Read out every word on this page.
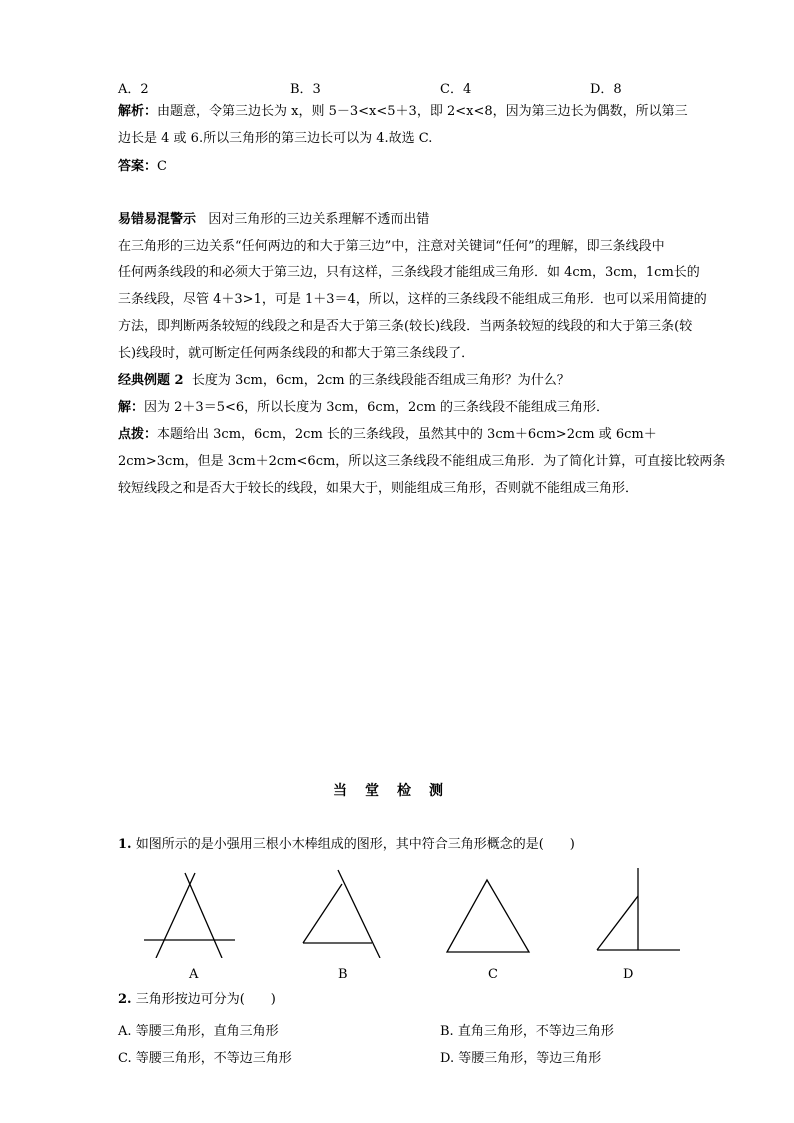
A．2	B．3	C．4	D．8
解析：由题意，令第三边长为 x，则 5－3<x<5＋3，即 2<x<8，因为第三边长为偶数，所以第三
边长是 4 或 6.所以三角形的第三边长可以为 4.故选 C.
答案：C
易错易混警示 因对三角形的三边关系理解不透而出错
在三角形的三边关系“任何两边的和大于第三边”中，注意对关键词“任何”的理解，即三条线段中
任何两条线段的和必须大于第三边，只有这样，三条线段才能组成三角形．如 4cm，3cm，1cm长的
三条线段，尽管 4＋3>1，可是 1＋3＝4，所以，这样的三条线段不能组成三角形．也可以采用简捷的
方法，即判断两条较短的线段之和是否大于第三条(较长)线段．当两条较短的线段的和大于第三条(较
长)线段时，就可断定任何两条线段的和都大于第三条线段了．
经典例题 2 长度为 3cm，6cm，2cm 的三条线段能否组成三角形？为什么？
解：因为 2＋3＝5<6，所以长度为 3cm，6cm，2cm 的三条线段不能组成三角形．
点拨：本题给出 3cm，6cm，2cm 长的三条线段，虽然其中的 3cm＋6cm>2cm 或 6cm＋
2cm>3cm，但是 3cm＋2cm<6cm，所以这三条线段不能组成三角形．为了简化计算，可直接比较两条
较短线段之和是否大于较长的线段，如果大于，则能组成三角形，否则就不能组成三角形．
当堂检测
1. 如图所示的是小强用三根小木棒组成的图形，其中符合三角形概念的是(　　)
A	B	C	D
2. 三角形按边可分为(　　)
A. 等腰三角形，直角三角形	B. 直角三角形，不等边三角形
C. 等腰三角形，不等边三角形	D. 等腰三角形，等边三角形
